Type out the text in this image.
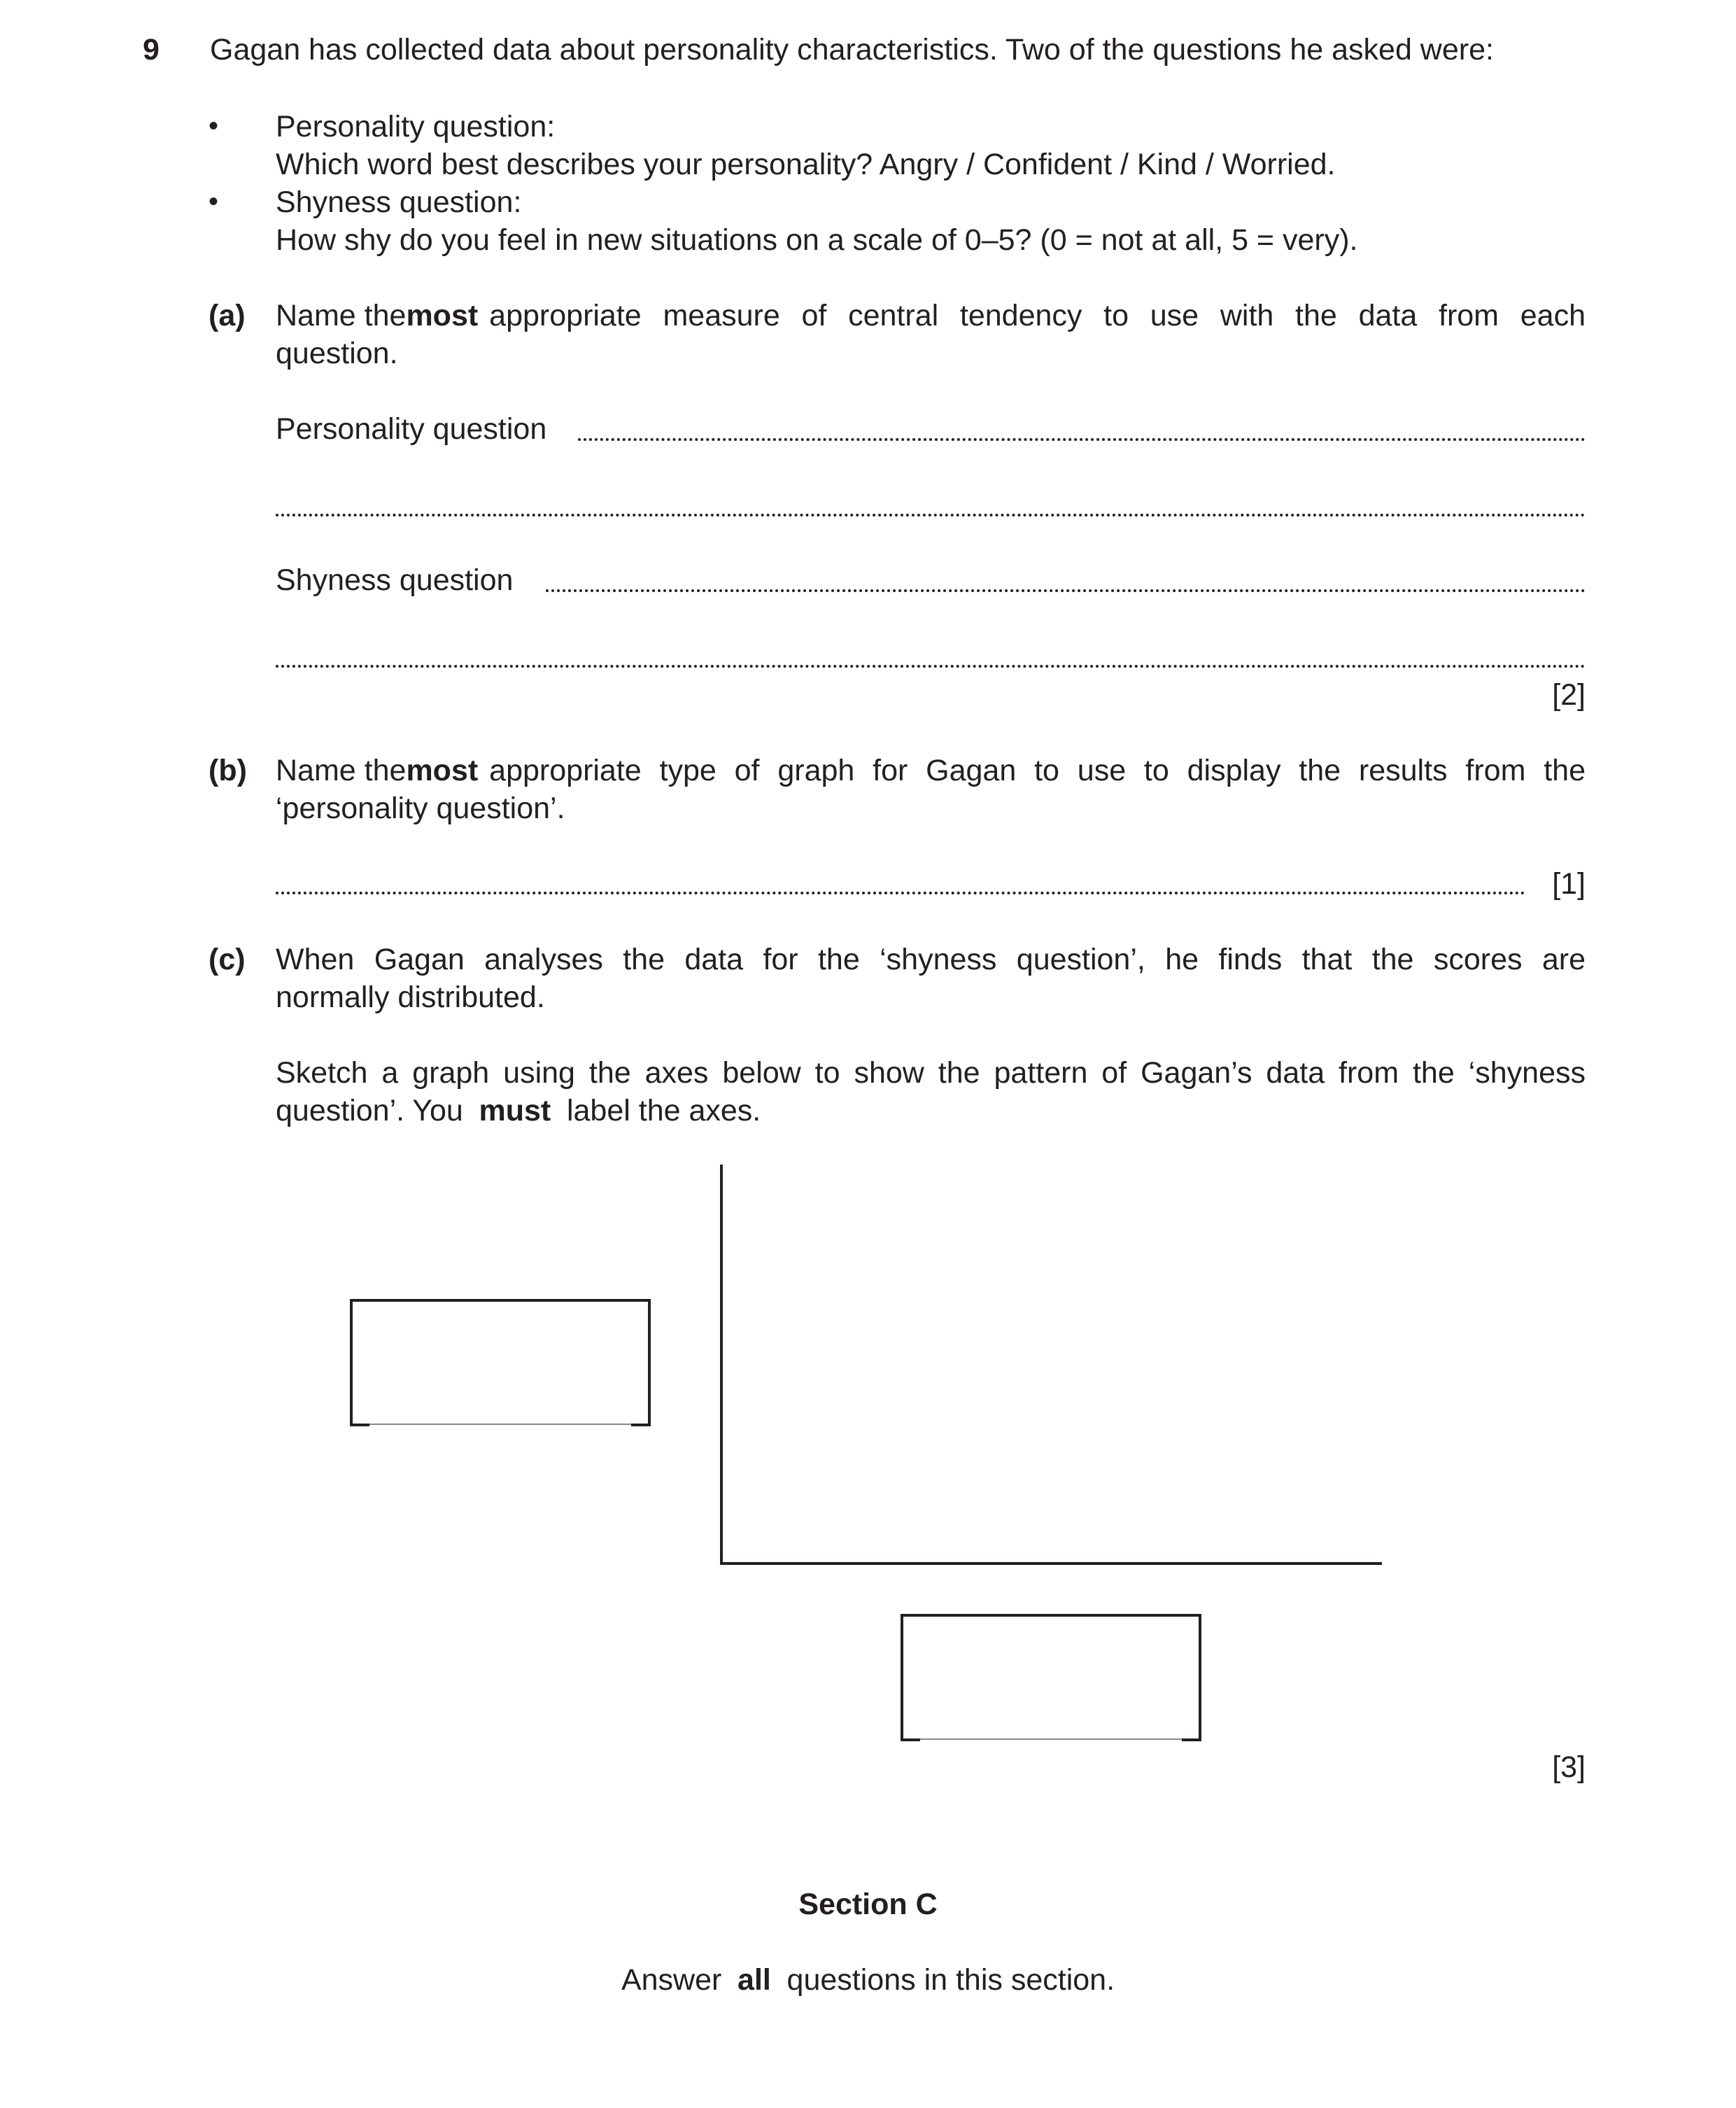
9 Gagan has collected data about personality characteristics. Two of the questions he asked were:
• Personality question:
Which word best describes your personality? Angry / Confident / Kind / Worried.
• Shyness question:
How shy do you feel in new situations on a scale of 0–5? (0 = not at all, 5 = very).
(a) Name the most appropriate measure of central tendency to use with the data from each
question.
Personality question
Shyness question
[2]
(b) Name the most appropriate type of graph for Gagan to use to display the results from the
‘personality question’.
[1]
(c) When Gagan analyses the data for the ‘shyness question’, he finds that the scores are
normally distributed.
Sketch a graph using the axes below to show the pattern of Gagan’s data from the ‘shyness
question’. You must label the axes.
[3]
Section C
Answer all questions in this section.
